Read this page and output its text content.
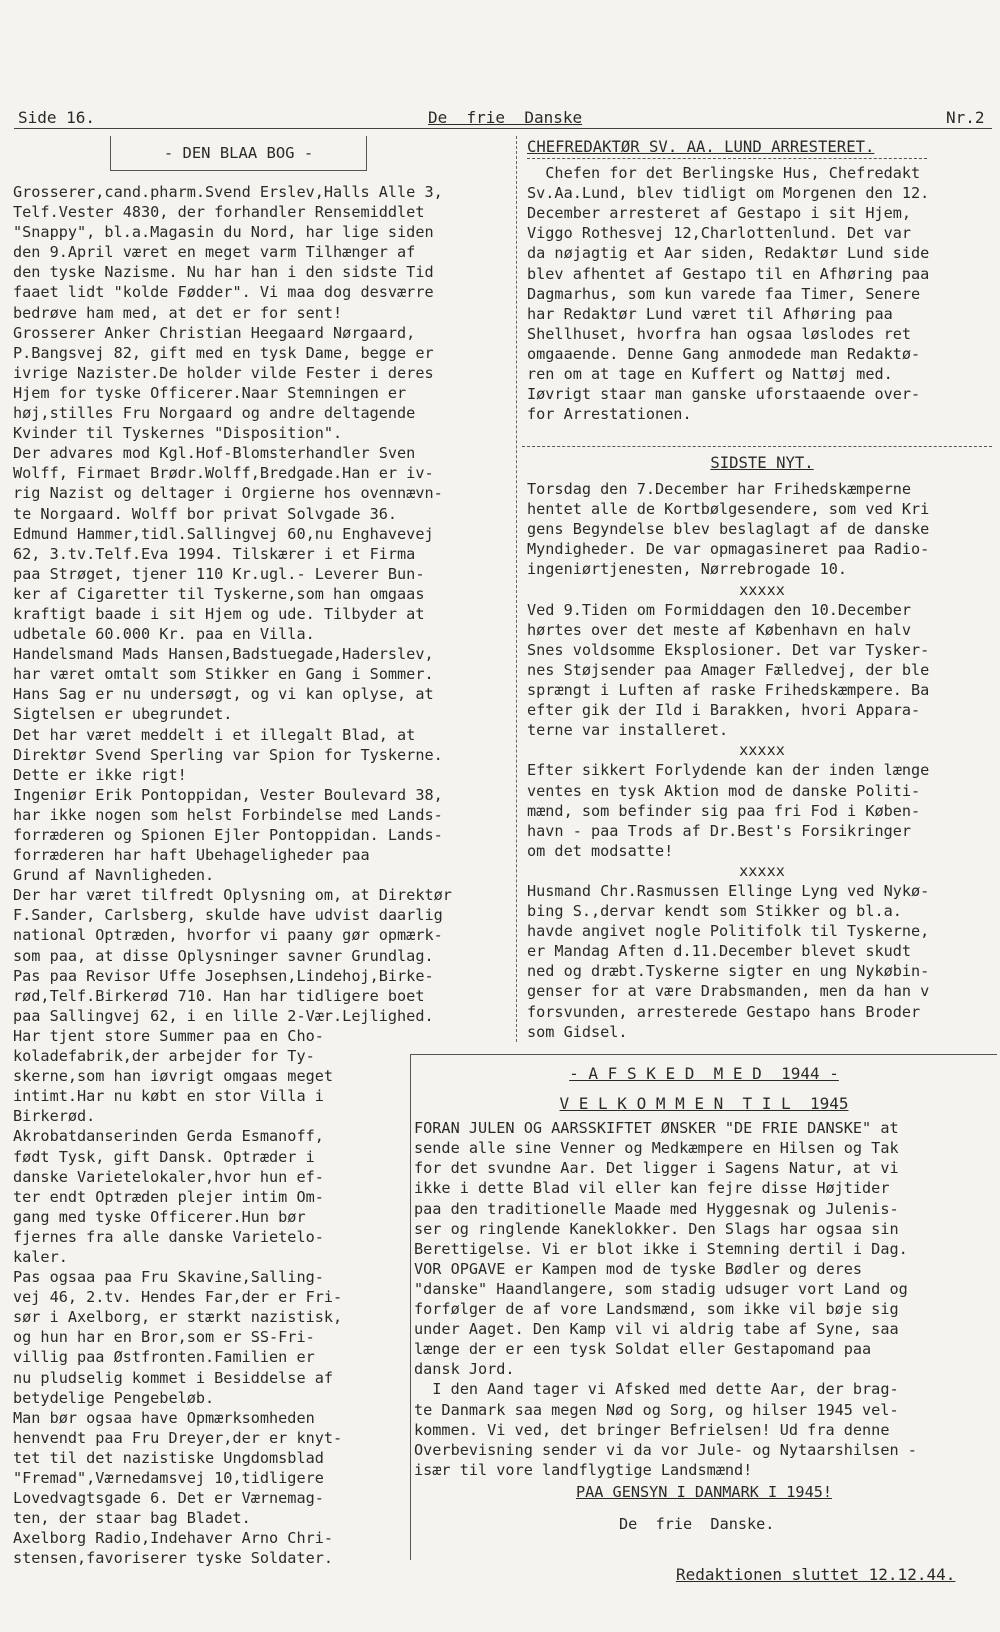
Side 16.	De  frie  Danske	Nr.2
- DEN BLAA BOG -
Grosserer,cand.pharm.Svend Erslev,Halls Alle 3,
Telf.Vester 4830, der forhandler Rensemiddlet
"Snappy", bl.a.Magasin du Nord, har lige siden
den 9.April været en meget varm Tilhænger af
den tyske Nazisme. Nu har han i den sidste Tid
faaet lidt "kolde Fødder". Vi maa dog desværre
bedrøve ham med, at det er for sent!
Grosserer Anker Christian Heegaard Nørgaard,
P.Bangsvej 82, gift med en tysk Dame, begge er
ivrige Nazister.De holder vilde Fester i deres
Hjem for tyske Officerer.Naar Stemningen er
høj,stilles Fru Norgaard og andre deltagende
Kvinder til Tyskernes "Disposition".
Der advares mod Kgl.Hof-Blomsterhandler Sven
Wolff, Firmaet Brødr.Wolff,Bredgade.Han er iv-
rig Nazist og deltager i Orgierne hos ovennævn-
te Norgaard. Wolff bor privat Solvgade 36.
Edmund Hammer,tidl.Sallingvej 60,nu Enghavevej
62, 3.tv.Telf.Eva 1994. Tilskærer i et Firma
paa Strøget, tjener 110 Kr.ugl.- Leverer Bun-
ker af Cigaretter til Tyskerne,som han omgaas
kraftigt baade i sit Hjem og ude. Tilbyder at
udbetale 60.000 Kr. paa en Villa.
Handelsmand Mads Hansen,Badstuegade,Haderslev,
har været omtalt som Stikker en Gang i Sommer.
Hans Sag er nu undersøgt, og vi kan oplyse, at
Sigtelsen er ubegrundet.
Det har været meddelt i et illegalt Blad, at
Direktør Svend Sperling var Spion for Tyskerne.
Dette er ikke rigt!
Ingeniør Erik Pontoppidan, Vester Boulevard 38,
har ikke nogen som helst Forbindelse med Lands-
forræderen og Spionen Ejler Pontoppidan. Lands-
forræderen har haft Ubehageligheder paa
Grund af Navnligheden.
Der har været tilfredt Oplysning om, at Direktør
F.Sander, Carlsberg, skulde have udvist daarlig
national Optræden, hvorfor vi paany gør opmærk-
som paa, at disse Oplysninger savner Grundlag.
Pas paa Revisor Uffe Josephsen,Lindehoj,Birke-
rød,Telf.Birkerød 710. Han har tidligere boet
paa Sallingvej 62, i en lille 2-Vær.Lejlighed.
Har tjent store Summer paa en Cho-
koladefabrik,der arbejder for Ty-
skerne,som han iøvrigt omgaas meget
intimt.Har nu købt en stor Villa i
Birkerød.
Akrobatdanserinden Gerda Esmanoff,
født Tysk, gift Dansk. Optræder i
danske Varietelokaler,hvor hun ef-
ter endt Optræden plejer intim Om-
gang med tyske Officerer.Hun bør
fjernes fra alle danske Varietelo-
kaler.
Pas ogsaa paa Fru Skavine,Salling-
vej 46, 2.tv. Hendes Far,der er Fri-
sør i Axelborg, er stærkt nazistisk,
og hun har en Bror,som er SS-Fri-
villig paa Østfronten.Familien er
nu pludselig kommet i Besiddelse af
betydelige Pengebeløb.
Man bør ogsaa have Opmærksomheden
henvendt paa Fru Dreyer,der er knyt-
tet til det nazistiske Ungdomsblad
"Fremad",Værnedamsvej 10,tidligere
Lovedvagtsgade 6. Det er Værnemag-
ten, der staar bag Bladet.
Axelborg Radio,Indehaver Arno Chri-
stensen,favoriserer tyske Soldater.
CHEFREDAKTØR SV. AA. LUND ARRESTERET.
Chefen for det Berlingske Hus, Chefredakt
Sv.Aa.Lund, blev tidligt om Morgenen den 12.
December arresteret af Gestapo i sit Hjem,
Viggo Rothesvej 12,Charlottenlund. Det var
da nøjagtig et Aar siden, Redaktør Lund side
blev afhentet af Gestapo til en Afhøring paa
Dagmarhus, som kun varede faa Timer, Senere
har Redaktør Lund været til Afhøring paa
Shellhuset, hvorfra han ogsaa løslodes ret
omgaaende. Denne Gang anmodede man Redaktø-
ren om at tage en Kuffert og Nattøj med.
Iøvrigt staar man ganske uforstaaende over-
for Arrestationen.
SIDSTE NYT.
Torsdag den 7.December har Frihedskæmperne
hentet alle de Kortbølgesendere, som ved Kri
gens Begyndelse blev beslaglagt af de danske
Myndigheder. De var opmagasineret paa Radio-
ingeniørtjenesten, Nørrebrogade 10.
xxxxx
Ved 9.Tiden om Formiddagen den 10.December
hørtes over det meste af København en halv
Snes voldsomme Eksplosioner. Det var Tysker-
nes Støjsender paa Amager Fælledvej, der ble
sprængt i Luften af raske Frihedskæmpere. Ba
efter gik der Ild i Barakken, hvori Appara-
terne var installeret.
xxxxx
Efter sikkert Forlydende kan der inden længe
ventes en tysk Aktion mod de danske Politi-
mænd, som befinder sig paa fri Fod i Køben-
havn - paa Trods af Dr.Best's Forsikringer
om det modsatte!
xxxxx
Husmand Chr.Rasmussen Ellinge Lyng ved Nykø-
bing S.,dervar kendt som Stikker og bl.a.
havde angivet nogle Politifolk til Tyskerne,
er Mandag Aften d.11.December blevet skudt
ned og dræbt.Tyskerne sigter en ung Nykøbin-
genser for at være Drabsmanden, men da han v
forsvunden, arresterede Gestapo hans Broder
som Gidsel.
- A F S K E D  M E D  1944 -
V E L K O M M E N  T I L  1945
FORAN JULEN OG AARSSKIFTET ØNSKER "DE FRIE DANSKE" at
sende alle sine Venner og Medkæmpere en Hilsen og Tak
for det svundne Aar. Det ligger i Sagens Natur, at vi
ikke i dette Blad vil eller kan fejre disse Højtider
paa den traditionelle Maade med Hyggesnak og Julenis-
ser og ringlende Kaneklokker. Den Slags har ogsaa sin
Berettigelse. Vi er blot ikke i Stemning dertil i Dag.
VOR OPGAVE er Kampen mod de tyske Bødler og deres
"danske" Haandlangere, som stadig udsuger vort Land og
forfølger de af vore Landsmænd, som ikke vil bøje sig
under Aaget. Den Kamp vil vi aldrig tabe af Syne, saa
længe der er een tysk Soldat eller Gestapomand paa
dansk Jord.
I den Aand tager vi Afsked med dette Aar, der brag-
te Danmark saa megen Nød og Sorg, og hilser 1945 vel-
kommen. Vi ved, det bringer Befrielsen! Ud fra denne
Overbevisning sender vi da vor Jule- og Nytaarshilsen -
især til vore landflygtige Landsmænd!
PAA GENSYN I DANMARK I 1945!
De  frie  Danske.
Redaktionen sluttet 12.12.44.
